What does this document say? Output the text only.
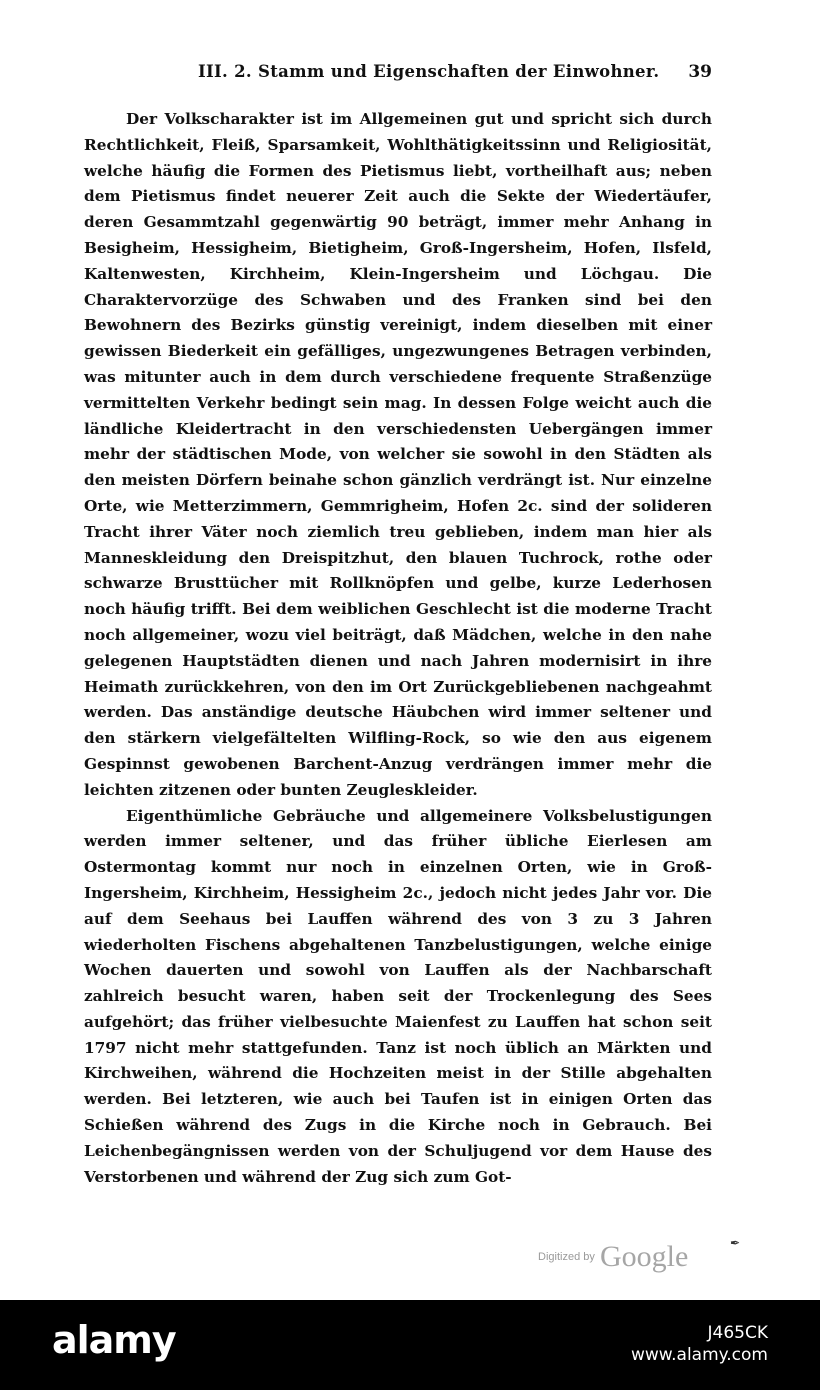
III. 2. Stamm und Eigenschaften der Einwohner. 39

Der Volkscharakter ist im Allgemeinen gut und spricht sich durch Rechtlichkeit, Fleiß, Sparsamkeit, Wohlthätigkeitssinn und Religiosität, welche häufig die Formen des Pietismus liebt, vortheilhaft aus; neben dem Pietismus findet neuerer Zeit auch die Sekte der Wiedertäufer, deren Gesammtzahl gegenwärtig 90 beträgt, immer mehr Anhang in Besigheim, Hessigheim, Bietigheim, Groß-Ingersheim, Hofen, Ilsfeld, Kaltenwesten, Kirchheim, Klein-Ingersheim und Löchgau. Die Charaktervorzüge des Schwaben und des Franken sind bei den Bewohnern des Bezirks günstig vereinigt, indem dieselben mit einer gewissen Biederkeit ein gefälliges, ungezwungenes Betragen verbinden, was mitunter auch in dem durch verschiedene frequente Straßenzüge vermittelten Verkehr bedingt sein mag. In dessen Folge weicht auch die ländliche Kleidertracht in den verschiedensten Uebergängen immer mehr der städtischen Mode, von welcher sie sowohl in den Städten als den meisten Dörfern beinahe schon gänzlich verdrängt ist. Nur einzelne Orte, wie Metterzimmern, Gemmrigheim, Hofen 2c. sind der solideren Tracht ihrer Väter noch ziemlich treu geblieben, indem man hier als Manneskleidung den Dreispitzhut, den blauen Tuchrock, rothe oder schwarze Brusttücher mit Rollknöpfen und gelbe, kurze Lederhosen noch häufig trifft. Bei dem weiblichen Geschlecht ist die moderne Tracht noch allgemeiner, wozu viel beiträgt, daß Mädchen, welche in den nahe gelegenen Hauptstädten dienen und nach Jahren modernisirt in ihre Heimath zurückkehren, von den im Ort Zurückgebliebenen nachgeahmt werden. Das anständige deutsche Häubchen wird immer seltener und den stärkern vielgefältelten Wilfling-Rock, so wie den aus eigenem Gespinnst gewobenen Barchent-Anzug verdrängen immer mehr die leichten zitzenen oder bunten Zeugleskleider.

Eigenthümliche Gebräuche und allgemeinere Volksbelustigungen werden immer seltener, und das früher übliche Eierlesen am Ostermontag kommt nur noch in einzelnen Orten, wie in Groß-Ingersheim, Kirchheim, Hessigheim 2c., jedoch nicht jedes Jahr vor. Die auf dem Seehaus bei Lauffen während des von 3 zu 3 Jahren wiederholten Fischens abgehaltenen Tanzbelustigungen, welche einige Wochen dauerten und sowohl von Lauffen als der Nachbarschaft zahlreich besucht waren, haben seit der Trockenlegung des Sees aufgehört; das früher vielbesuchte Maienfest zu Lauffen hat schon seit 1797 nicht mehr stattgefunden. Tanz ist noch üblich an Märkten und Kirchweihen, während die Hochzeiten meist in der Stille abgehalten werden. Bei letzteren, wie auch bei Taufen ist in einigen Orten das Schießen während des Zugs in die Kirche noch in Gebrauch. Bei Leichenbegängnissen werden von der Schuljugend vor dem Hause des Verstorbenen und während der Zug sich zum Got-

$^{Digitized by}$ Google	✒
alamy	J465CK
www.alamy.com
